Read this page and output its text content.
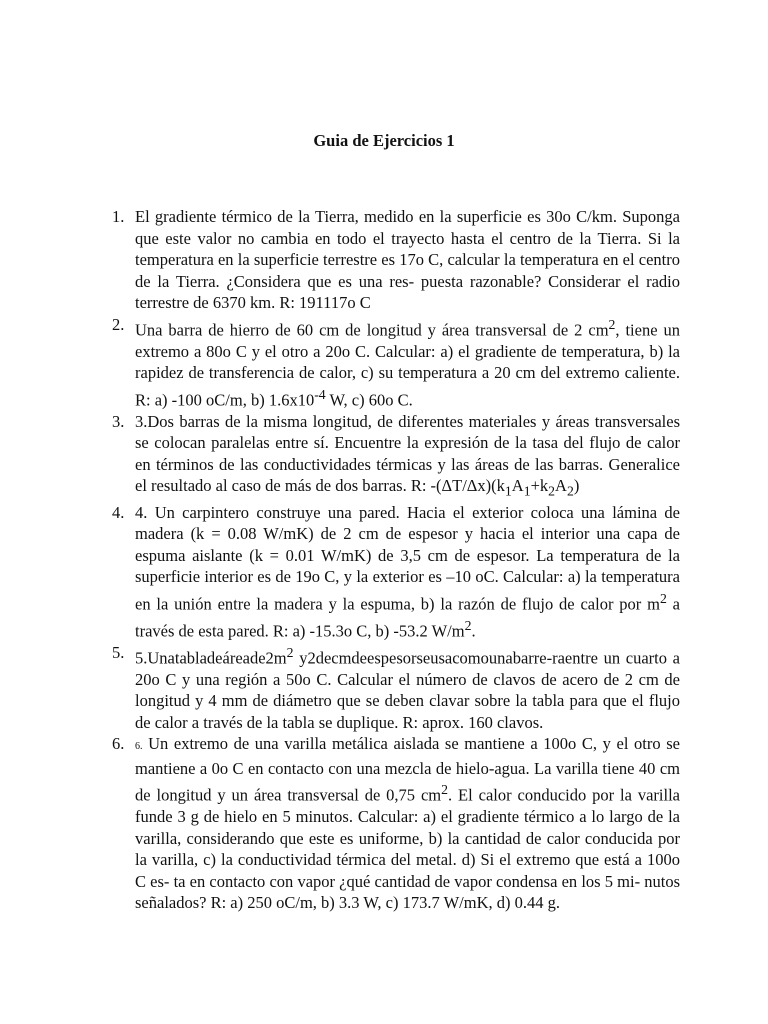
Guia de Ejercicios 1
1. El gradiente térmico de la Tierra, medido en la superficie es 30o C/km. Suponga que este valor no cambia en todo el trayecto hasta el centro de la Tierra. Si la temperatura en la superficie terrestre es 17o C, calcular la temperatura en el centro de la Tierra. ¿Considera que es una res- puesta razonable? Considerar el radio terrestre de 6370 km. R: 191117o C

2. Una barra de hierro de 60 cm de longitud y área transversal de 2 $cm^2$, tiene un extremo a 80o C y el otro a 20o C. Calcular: a) el gradiente de temperatura, b) la rapidez de transferencia de calor, c) su temperatura a 20 cm del extremo caliente. R: a) -100 oC/m, b) $1.6x10^{-4}$ W, c) 60o C.

3. 3.Dos barras de la misma longitud, de diferentes materiales y áreas transversales se colocan paralelas entre sí. Encuentre la expresión de la tasa del flujo de calor en términos de las conductividades térmicas y las áreas de las barras. Generalice el resultado al caso de más de dos barras. R: $-(\Delta T/\Delta x)(k_1A_1+k_2A_2)$

4. 4. Un carpintero construye una pared. Hacia el exterior coloca una lámina de madera (k = 0.08 W/mK) de 2 cm de espesor y hacia el interior una capa de espuma aislante (k = 0.01 W/mK) de 3,5 cm de espesor. La temperatura de la superficie interior es de 19o C, y la exterior es –10 oC. Calcular: a) la temperatura en la unión entre la madera y la espuma, b) la razón de flujo de calor por $m^2$ a través de esta pared. R: a) -15.3o C, b) -53.2 $W/m^2$.

5. $5.Unatabladeáreade2m^2$ y2decmdeespesorseusacomounabarre-raentre un cuarto a 20o C y una región a 50o C. Calcular el número de clavos de acero de 2 cm de longitud y 4 mm de diámetro que se deben clavar sobre la tabla para que el flujo de calor a través de la tabla se duplique. R: aprox. 160 clavos.

6. 6. Un extremo de una varilla metálica aislada se mantiene a 100o C, y el otro se mantiene a 0o C en contacto con una mezcla de hielo-agua. La varilla tiene 40 cm de longitud y un área transversal de 0,75 $cm^2$. El calor conducido por la varilla funde 3 g de hielo en 5 minutos. Calcular: a) el gradiente térmico a lo largo de la varilla, considerando que este es uniforme, b) la cantidad de calor conducida por la varilla, c) la conductividad térmica del metal. d) Si el extremo que está a 100o C es- ta en contacto con vapor ¿qué cantidad de vapor condensa en los 5 mi- nutos señalados? R: a) 250 oC/m, b) 3.3 W, c) 173.7 W/mK, d) 0.44 g.
